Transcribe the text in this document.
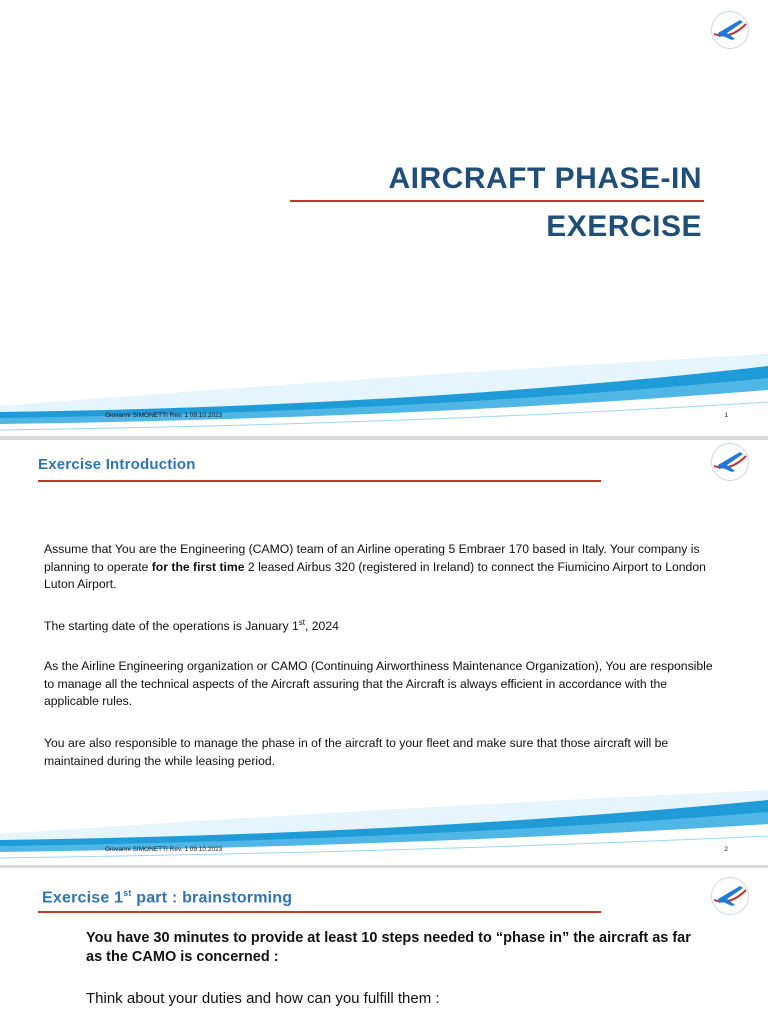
AIRCRAFT PHASE-IN
EXERCISE
Giovanni SIMONETTI Rev. 1 09.10.2023	1
Exercise Introduction
Assume that You are the Engineering (CAMO) team of an Airline operating 5 Embraer 170 based in Italy. Your company is planning to operate for the first time 2 leased Airbus 320 (registered in Ireland) to connect the Fiumicino Airport to London Luton Airport.
The starting date of the operations is January 1st, 2024
As the Airline Engineering organization or CAMO (Continuing Airworthiness Maintenance Organization), You are responsible to manage all the technical aspects of the Aircraft assuring that the Aircraft is always efficient in accordance with the applicable rules.
You are also responsible to manage the phase in of the aircraft to your fleet and make sure that those aircraft will be maintained during the while leasing period.
Giovanni SIMONETTI Rev. 1 09.10.2023	2
Exercise 1st part : brainstorming
You have 30 minutes to provide at least 10 steps needed to “phase in” the aircraft as far as the CAMO is concerned :
Think about your duties and how can you fulfill them :
